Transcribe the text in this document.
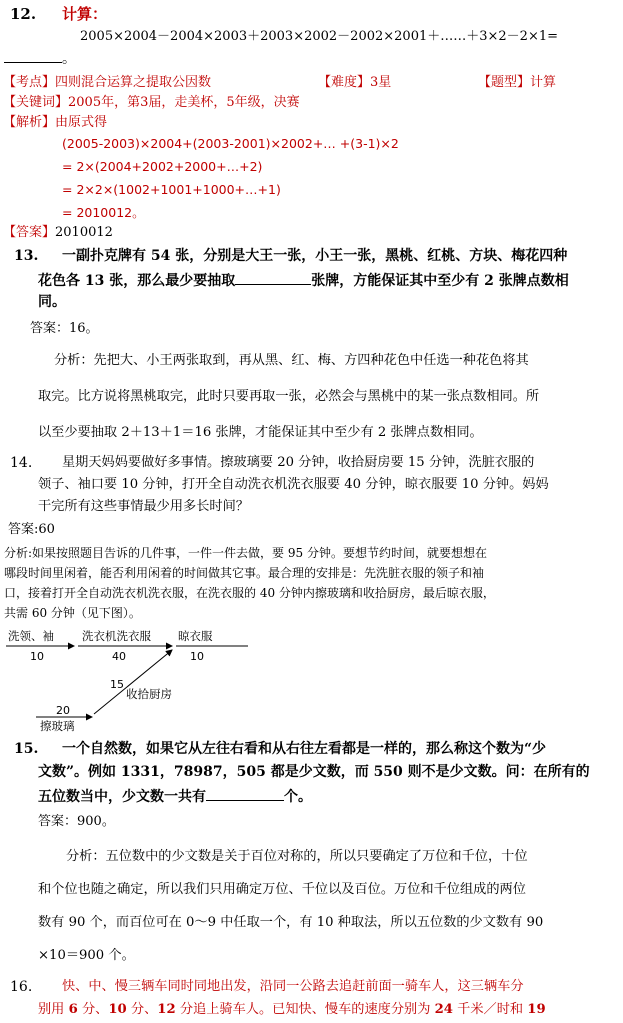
12. 计算：
2005×2004－2004×2003＋2003×2002－2002×2001＋……＋3×2－2×1=
。
【考点】四则混合运算之提取公因数	【难度】3星	【题型】计算
【关键词】2005年，第3届，走美杯，5年级，决赛
【解析】由原式得
(2005-2003)×2004+(2003-2001)×2002+… +(3-1)×2
= 2×(2004+2002+2000+…+2)
= 2×2×(1002+1001+1000+…+1)
= 2010012。
【答案】2010012
13. 一副扑克牌有 54 张，分别是大王一张，小王一张，黑桃、红桃、方块、梅花四种
花色各 13 张，那么最少要抽取	张牌，方能保证其中至少有 2 张牌点数相
同。
答案：16。
分析：先把大、小王两张取到，再从黑、红、梅、方四种花色中任选一种花色将其
取完。比方说将黑桃取完，此时只要再取一张，必然会与黑桃中的某一张点数相同。所
以至少要抽取 2＋13＋1＝16 张牌，才能保证其中至少有 2 张牌点数相同。
14. 星期天妈妈要做好多事情。擦玻璃要 20 分钟，收拾厨房要 15 分钟，洗脏衣服的
领子、袖口要 10 分钟，打开全自动洗衣机洗衣服要 40 分钟，晾衣服要 10 分钟。妈妈
干完所有这些事情最少用多长时间？
答案:60
分析:如果按照题目告诉的几件事，一件一件去做，要 95 分钟。要想节约时间，就要想想在
哪段时间里闲着，能否利用闲着的时间做其它事。最合理的安排是：先洗脏衣服的领子和袖
口，接着打开全自动洗衣机洗衣服，在洗衣服的 40 分钟内擦玻璃和收拾厨房，最后晾衣服，
共需 60 分钟（见下图）。
洗领、袖
10
洗衣机洗衣服
40
晾衣服
10
15
收拾厨房
20
擦玻璃
15. 一个自然数，如果它从左往右看和从右往左看都是一样的，那么称这个数为“少
文数”。例如 1331，78987，505 都是少文数，而 550 则不是少文数。问：在所有的
五位数当中，少文数一共有	个。
答案：900。
分析：五位数中的少文数是关于百位对称的，所以只要确定了万位和千位，十位
和个位也随之确定，所以我们只用确定万位、千位以及百位。万位和千位组成的两位
数有 90 个，而百位可在 0～9 中任取一个，有 10 种取法，所以五位数的少文数有 90
×10＝900 个。
16. 快、中、慢三辆车同时同地出发，沿同一公路去追赶前面一骑车人，这三辆车分
别用 6 分、10 分、12 分追上骑车人。已知快、慢车的速度分别为 24 千米／时和 19
